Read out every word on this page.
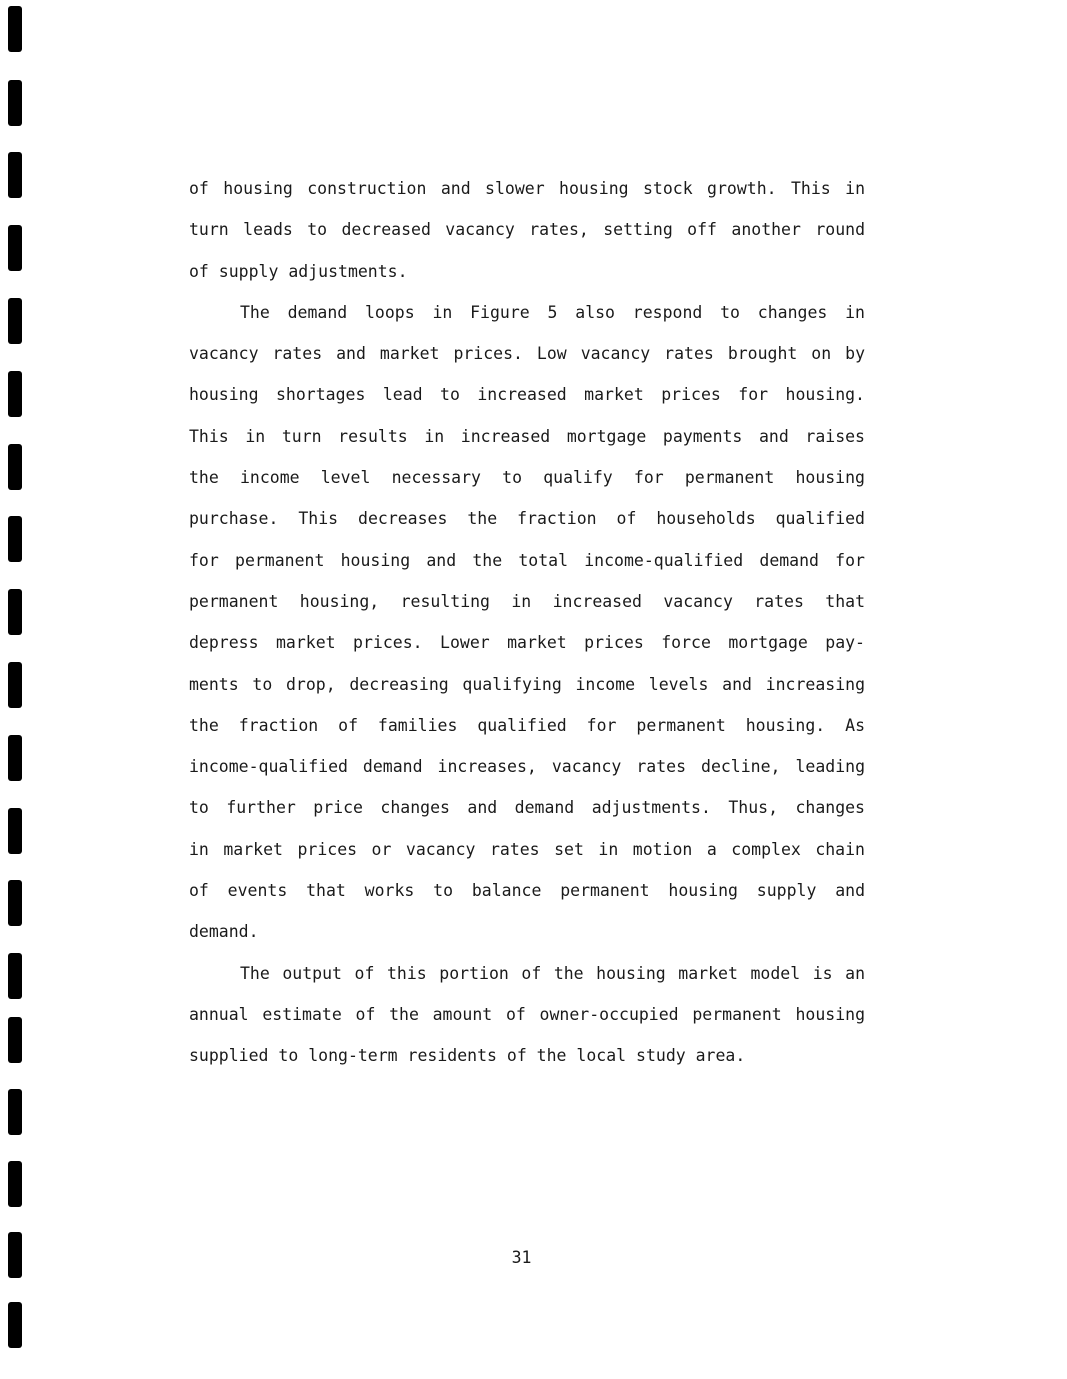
of housing construction and slower housing stock growth. This in
turn leads to decreased vacancy rates, setting off another round
of supply adjustments.
The demand loops in Figure 5 also respond to changes in
vacancy rates and market prices. Low vacancy rates brought on by
housing shortages lead to increased market prices for housing.
This in turn results in increased mortgage payments and raises
the income level necessary to qualify for permanent housing
purchase. This decreases the fraction of households qualified
for permanent housing and the total income-qualified demand for
permanent housing, resulting in increased vacancy rates that
depress market prices. Lower market prices force mortgage pay-
ments to drop, decreasing qualifying income levels and increasing
the fraction of families qualified for permanent housing. As
income-qualified demand increases, vacancy rates decline, leading
to further price changes and demand adjustments. Thus, changes
in market prices or vacancy rates set in motion a complex chain
of events that works to balance permanent housing supply and
demand.
The output of this portion of the housing market model is an
annual estimate of the amount of owner-occupied permanent housing
supplied to long-term residents of the local study area.
31
